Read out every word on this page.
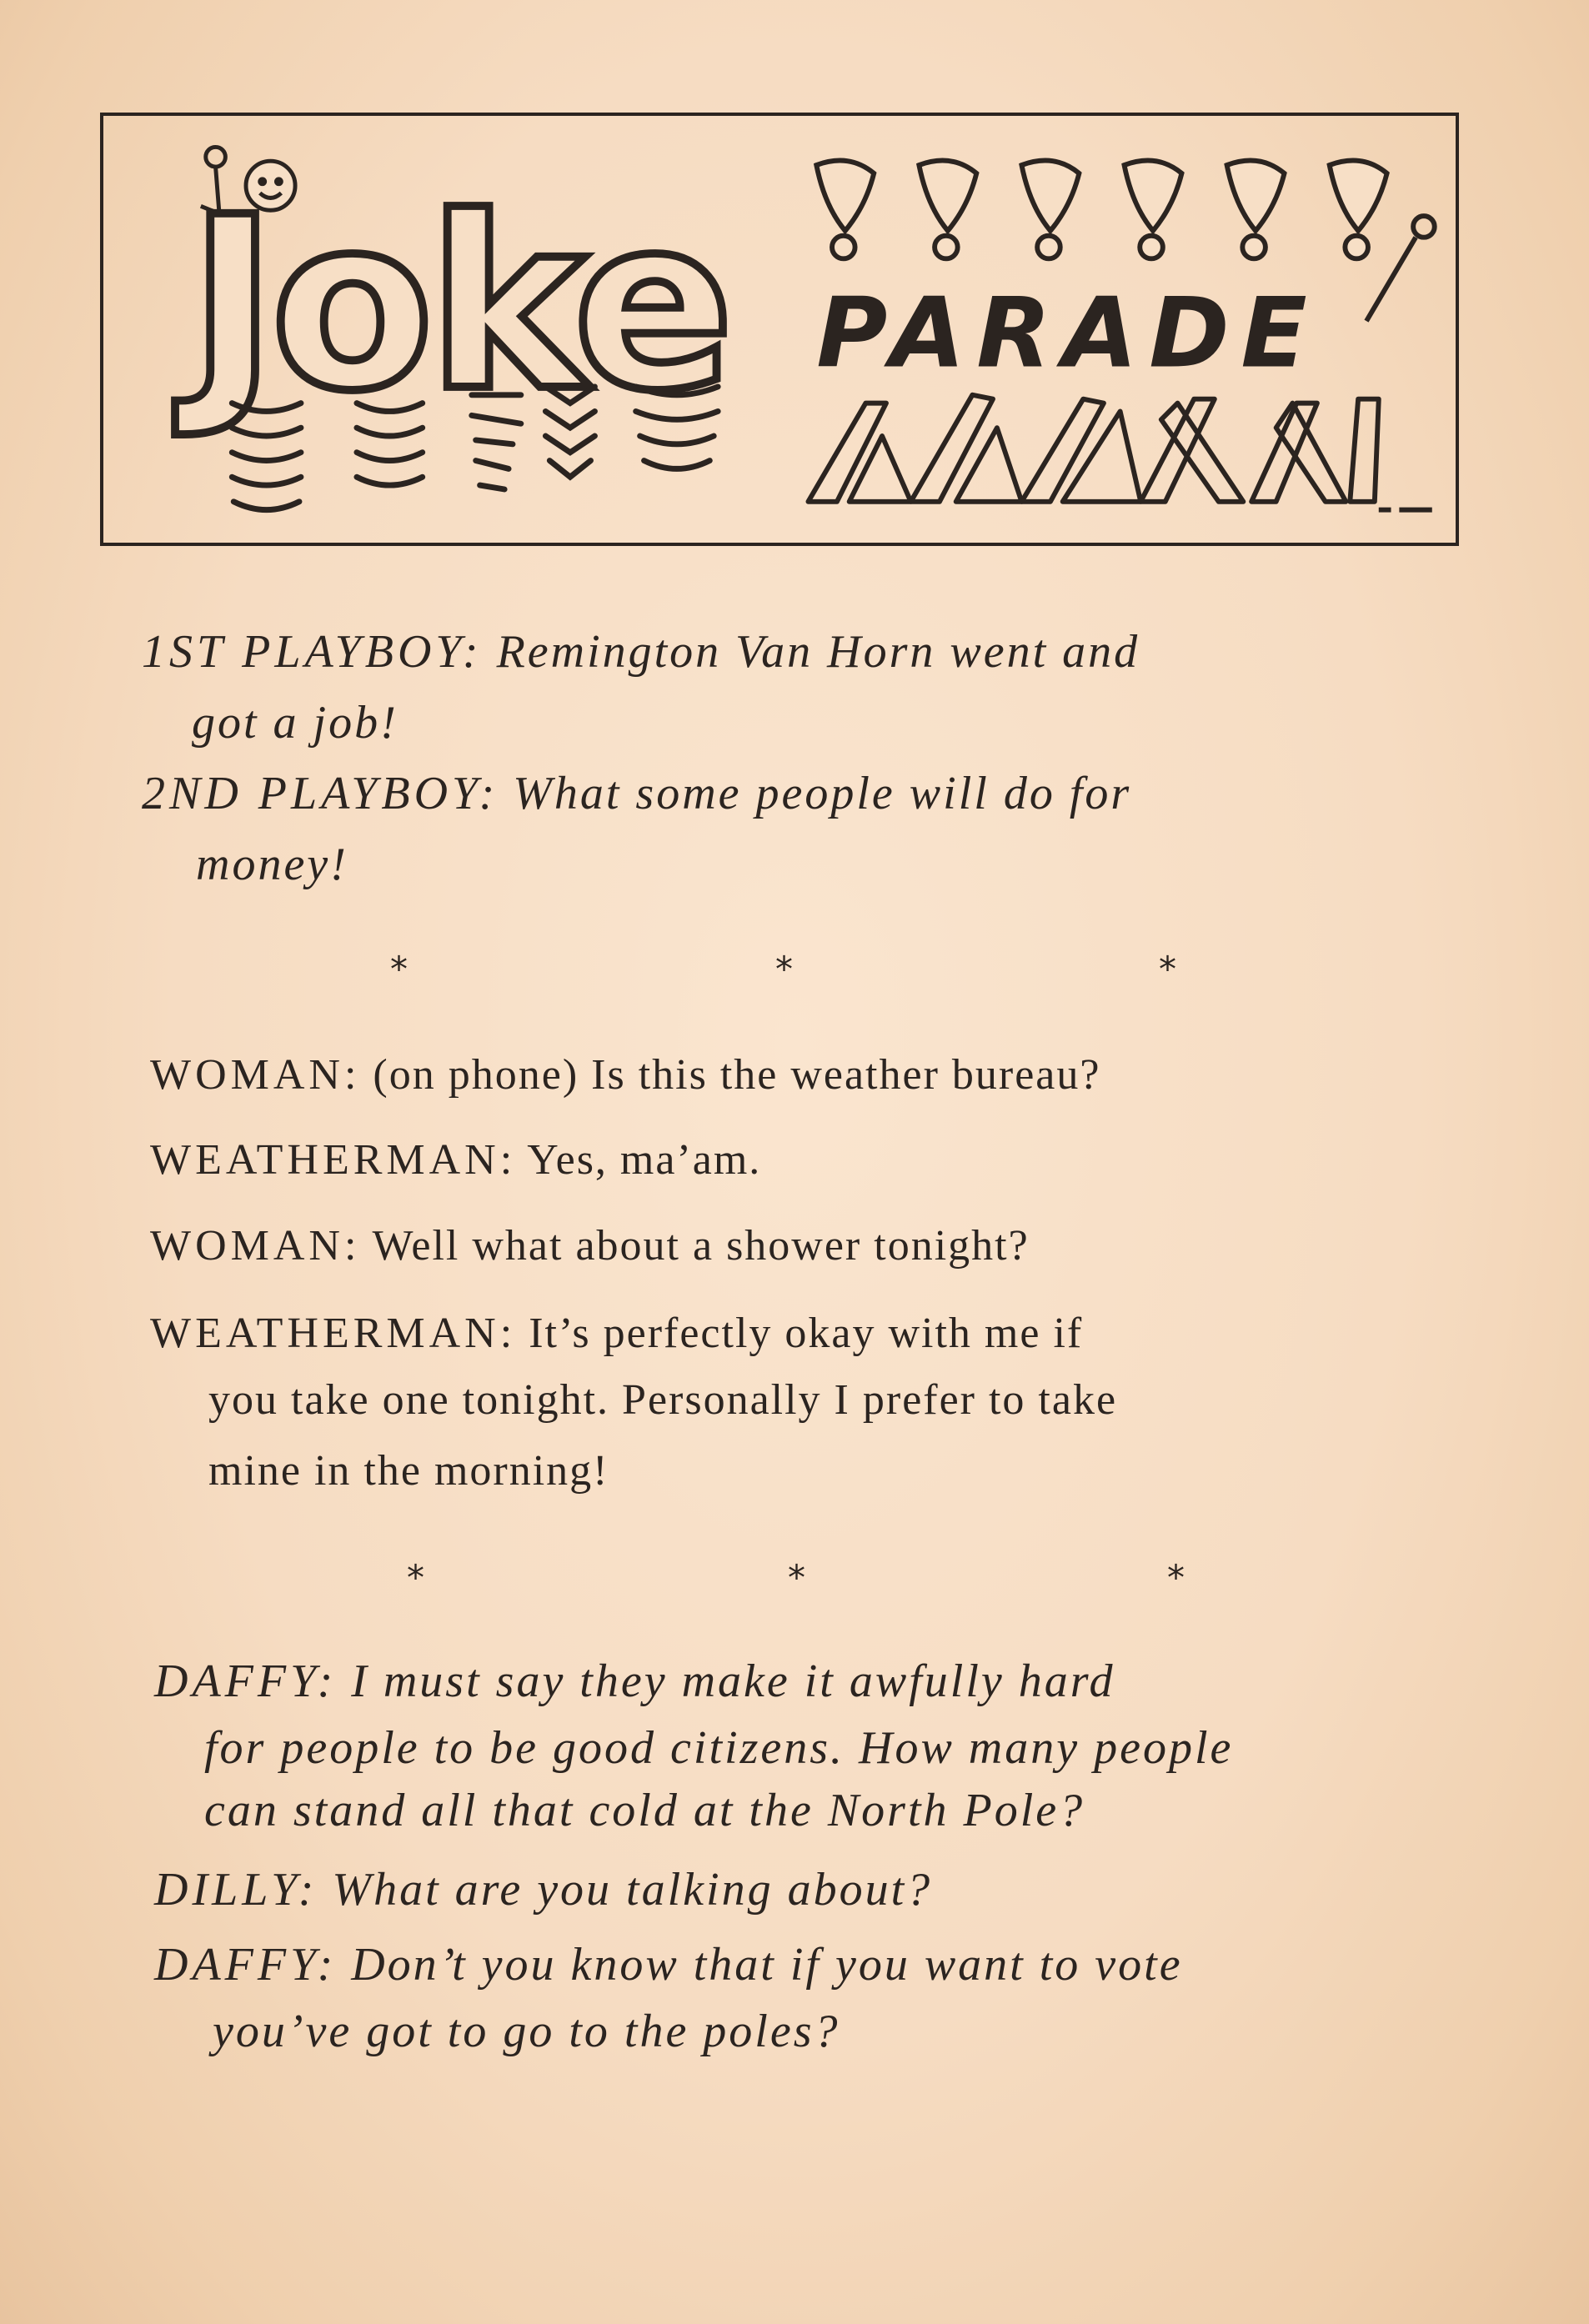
Joke PARADE
1ST PLAYBOY: Remington Van Horn went and
got a job!
2ND PLAYBOY: What some people will do for
money!
*	*	*
WOMAN: (on phone) Is this the weather bureau?
WEATHERMAN: Yes, ma’am.
WOMAN: Well what about a shower tonight?
WEATHERMAN: It’s perfectly okay with me if
you take one tonight. Personally I prefer to take
mine in the morning!
*	*	*
DAFFY: I must say they make it awfully hard
for people to be good citizens. How many people
can stand all that cold at the North Pole?
DILLY: What are you talking about?
DAFFY: Don’t you know that if you want to vote
you’ve got to go to the poles?
